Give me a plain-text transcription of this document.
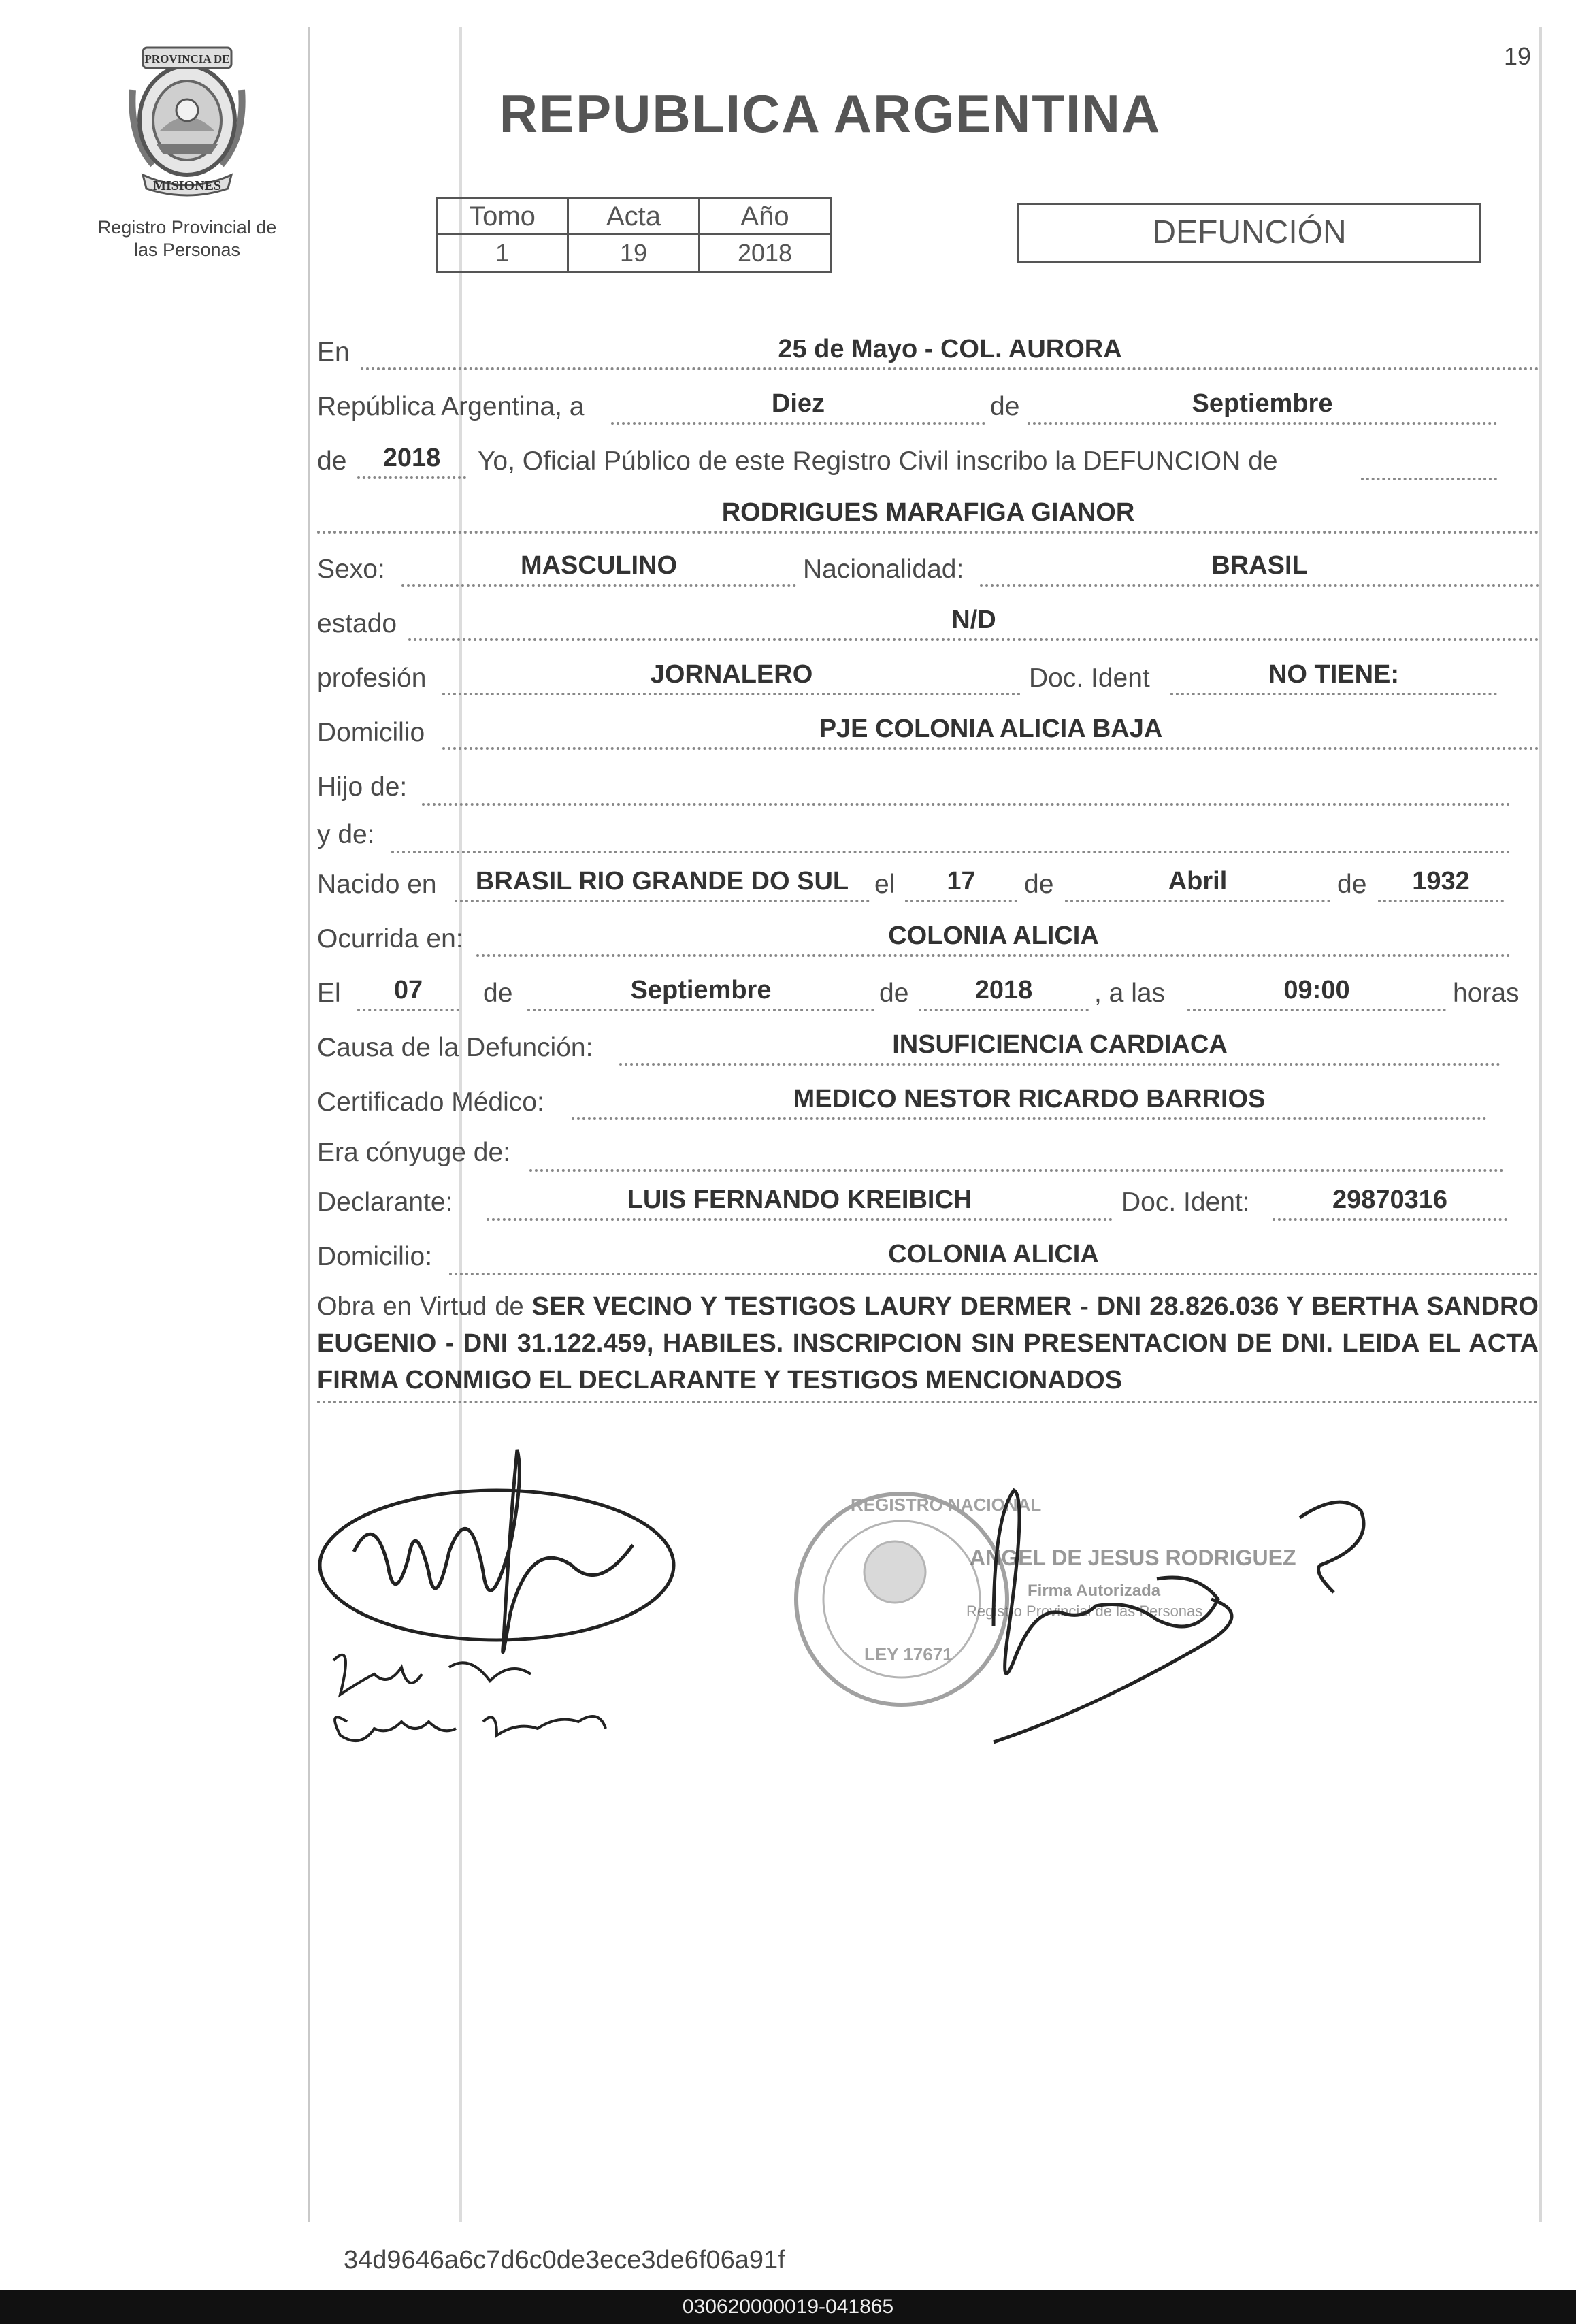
19
PROVINCIA DE
MISIONES
Registro Provincial de
las Personas
REPUBLICA ARGENTINA
Tomo	Acta	Año
1	19	2018
DEFUNCIÓN
En	25 de Mayo - COL. AURORA
República Argentina, a	Diez	de	Septiembre
de	2018	Yo, Oficial Público de este Registro Civil inscribo la DEFUNCION de
RODRIGUES MARAFIGA GIANOR
Sexo:	MASCULINO	Nacionalidad:	BRASIL
estado	N/D
profesión	JORNALERO	Doc. Ident	NO TIENE:
Domicilio	PJE COLONIA ALICIA BAJA
Hijo de:
y de:
Nacido en	BRASIL RIO GRANDE DO SUL el	17	de	Abril	de	1932
Ocurrida en:	COLONIA ALICIA
El	07	de	Septiembre	de	2018	, a las	09:00	horas
Causa de la Defunción:	INSUFICIENCIA CARDIACA
Certificado Médico:	MEDICO NESTOR RICARDO BARRIOS
Era cónyuge de:
Declarante:	LUIS FERNANDO KREIBICH	Doc. Ident:	29870316
Domicilio:	COLONIA ALICIA
Obra en Virtud de SER VECINO Y TESTIGOS LAURY DERMER - DNI 28.826.036 Y BERTHA SANDRO EUGENIO - DNI 31.122.459, HABILES. INSCRIPCION SIN PRESENTACION DE DNI. LEIDA EL ACTA FIRMA CONMIGO EL DECLARANTE Y TESTIGOS MENCIONADOS
REGISTRO NACIONAL
LEY 17671
ANGEL DE JESUS RODRIGUEZ
Firma Autorizada
Registro Provincial de las Personas
34d9646a6c7d6c0de3ece3de6f06a91f
030620000019-041865
